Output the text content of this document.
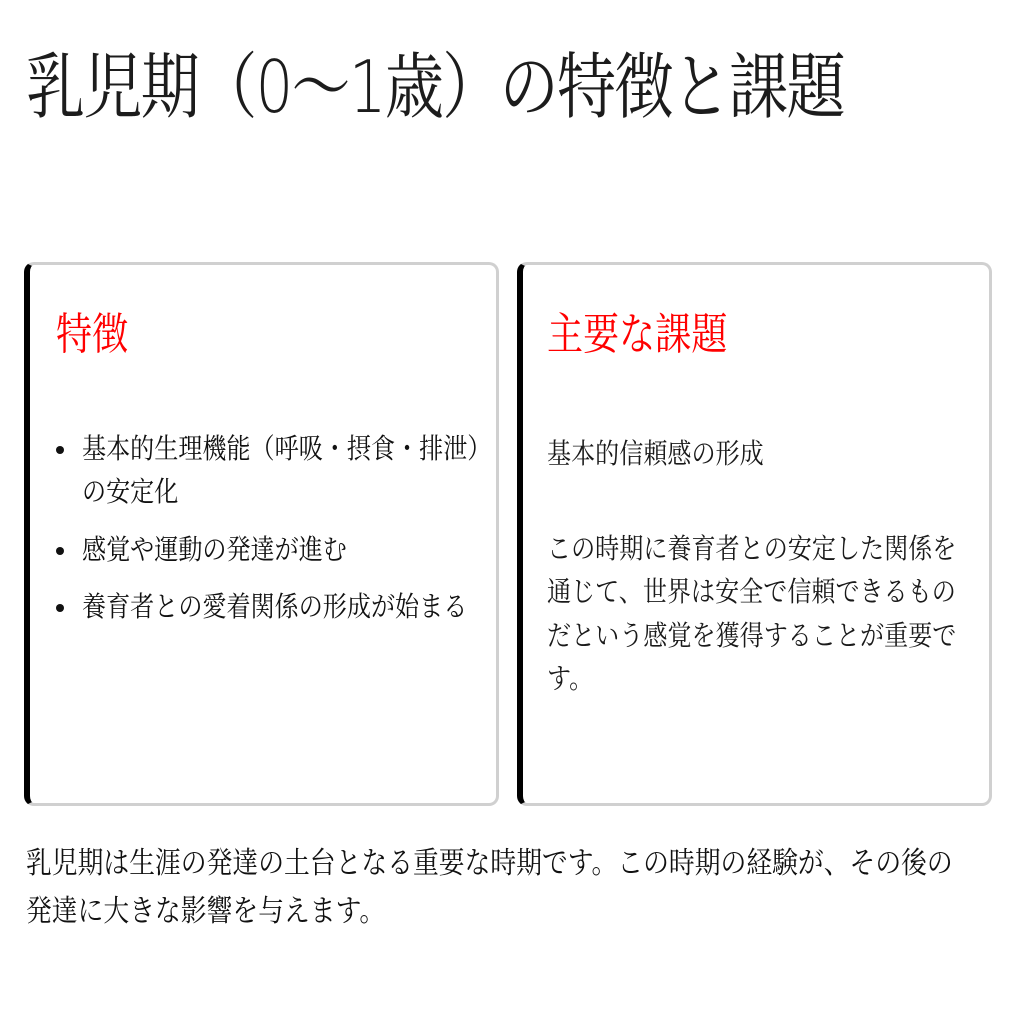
乳児期（0〜1歳）の特徴と課題
特徴
基本的生理機能（呼吸・摂食・排泄）の安定化
感覚や運動の発達が進む
養育者との愛着関係の形成が始まる
主要な課題

基本的信頼感の形成

この時期に養育者との安定した関係を通じて、世界は安全で信頼できるものだという感覚を獲得することが重要です。

乳児期は生涯の発達の土台となる重要な時期です。この時期の経験が、その後の発達に大きな影響を与えます。
